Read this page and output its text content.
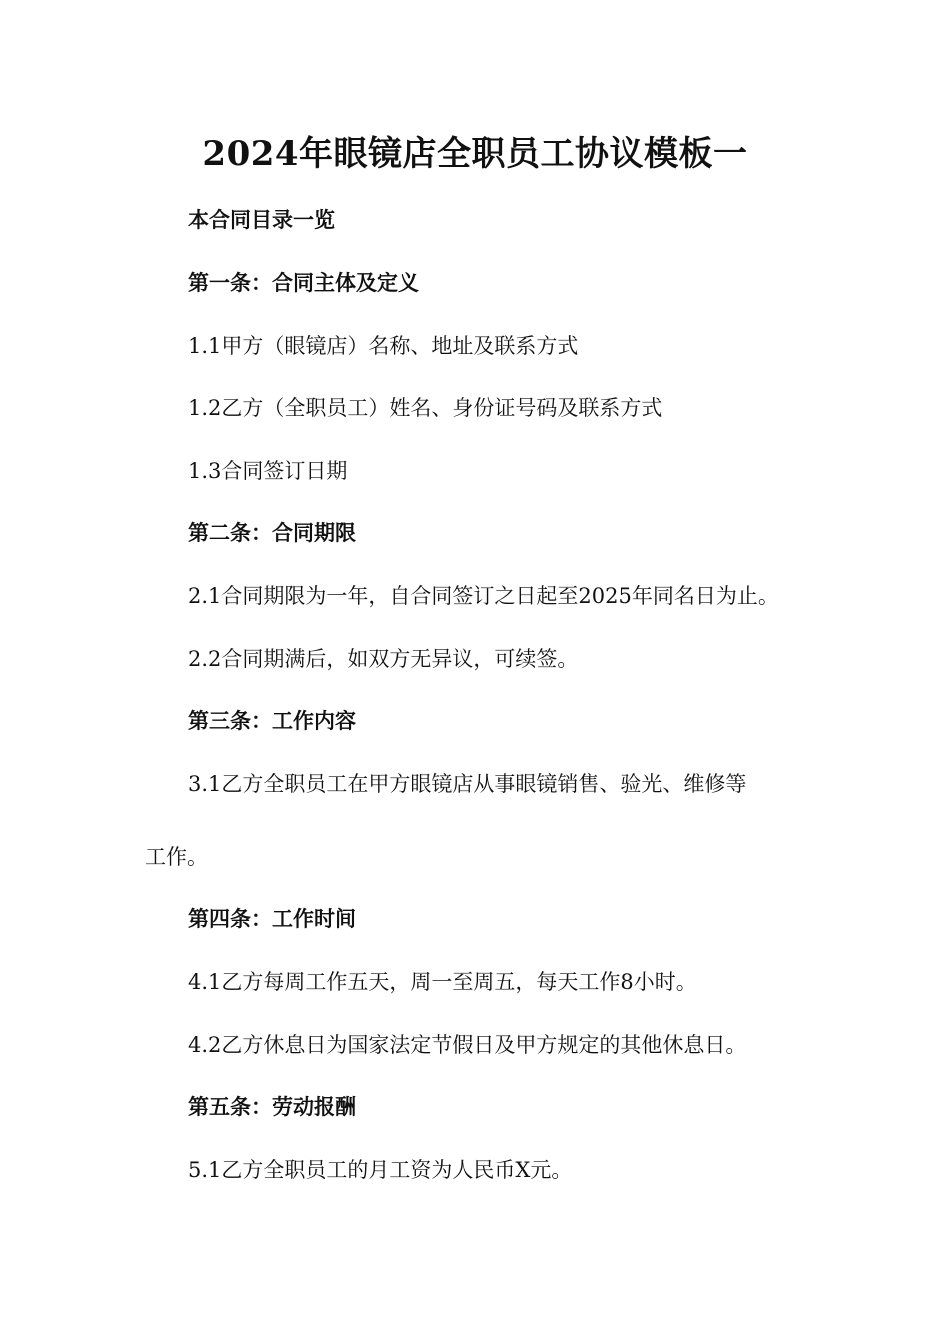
2024年眼镜店全职员工协议模板一

本合同目录一览

第一条：合同主体及定义

1.1甲方（眼镜店）名称、地址及联系方式

1.2乙方（全职员工）姓名、身份证号码及联系方式

1.3合同签订日期

第二条：合同期限

2.1合同期限为一年，自合同签订之日起至2025年同名日为止。

2.2合同期满后，如双方无异议，可续签。

第三条：工作内容

3.1乙方全职员工在甲方眼镜店从事眼镜销售、验光、维修等

工作。

第四条：工作时间

4.1乙方每周工作五天，周一至周五，每天工作8小时。

4.2乙方休息日为国家法定节假日及甲方规定的其他休息日。

第五条：劳动报酬

5.1乙方全职员工的月工资为人民币X元。
